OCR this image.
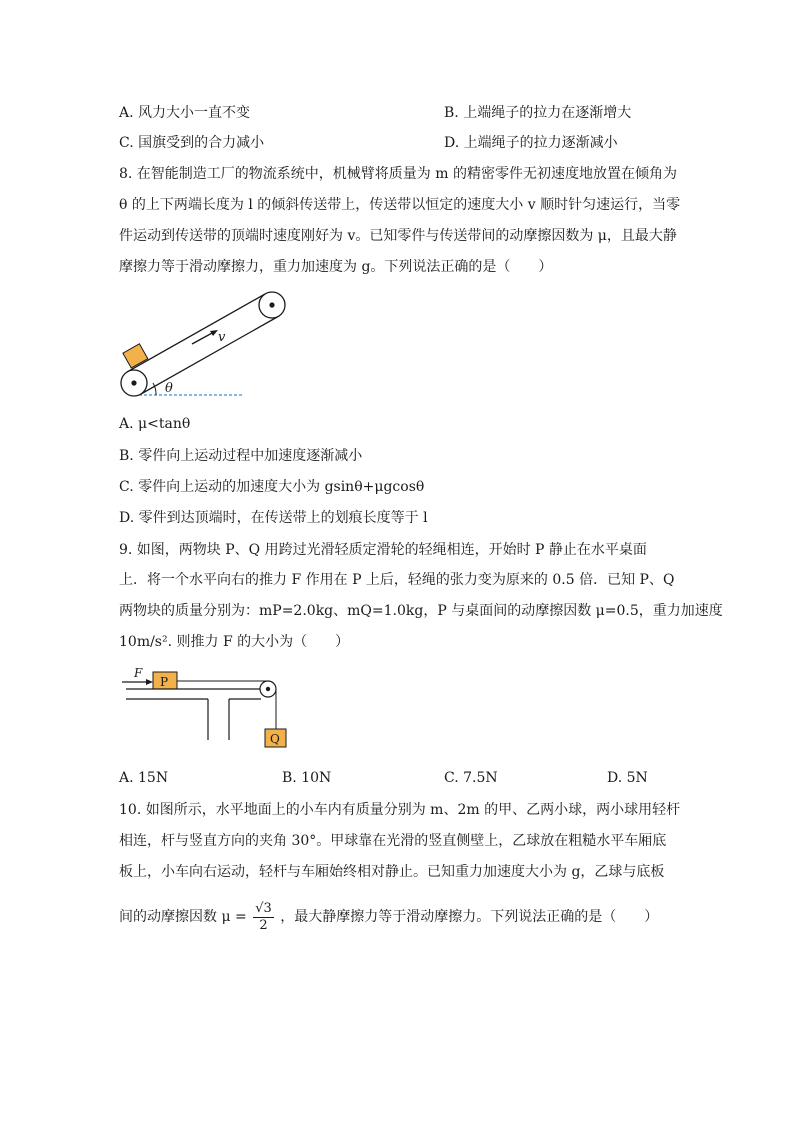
A. 风力大小一直不变	B. 上端绳子的拉力在逐渐增大
C. 国旗受到的合力减小	D. 上端绳子的拉力逐渐减小
8. 在智能制造工厂的物流系统中，机械臂将质量为 m 的精密零件无初速度地放置在倾角为
θ 的上下两端长度为 l 的倾斜传送带上，传送带以恒定的速度大小 v 顺时针匀速运行，当零
件运动到传送带的顶端时速度刚好为 v。已知零件与传送带间的动摩擦因数为 μ，且最大静
摩擦力等于滑动摩擦力，重力加速度为 g。下列说法正确的是（　　）
v
θ
A. μ<tanθ
B. 零件向上运动过程中加速度逐渐减小
C. 零件向上运动的加速度大小为 gsinθ+μgcosθ
D. 零件到达顶端时，在传送带上的划痕长度等于 l
9. 如图，两物块 P、Q 用跨过光滑轻质定滑轮的轻绳相连，开始时 P 静止在水平桌面
上．将一个水平向右的推力 F 作用在 P 上后，轻绳的张力变为原来的 0.5 倍．已知 P、Q
两物块的质量分别为：mP=2.0kg、mQ=1.0kg，P 与桌面间的动摩擦因数 μ=0.5，重力加速度
10m/s². 则推力 F 的大小为（　　）
F
P
Q
A. 15N	B. 10N	C. 7.5N	D. 5N
10. 如图所示，水平地面上的小车内有质量分别为 m、2m 的甲、乙两小球，两小球用轻杆
相连，杆与竖直方向的夹角 30°。甲球靠在光滑的竖直侧壁上，乙球放在粗糙水平车厢底
板上，小车向右运动，轻杆与车厢始终相对静止。已知重力加速度大小为 g，乙球与底板
间的动摩擦因数 $\mu = \frac{√3}{2}$ ，最大静摩擦力等于滑动摩擦力。下列说法正确的是（　　）
